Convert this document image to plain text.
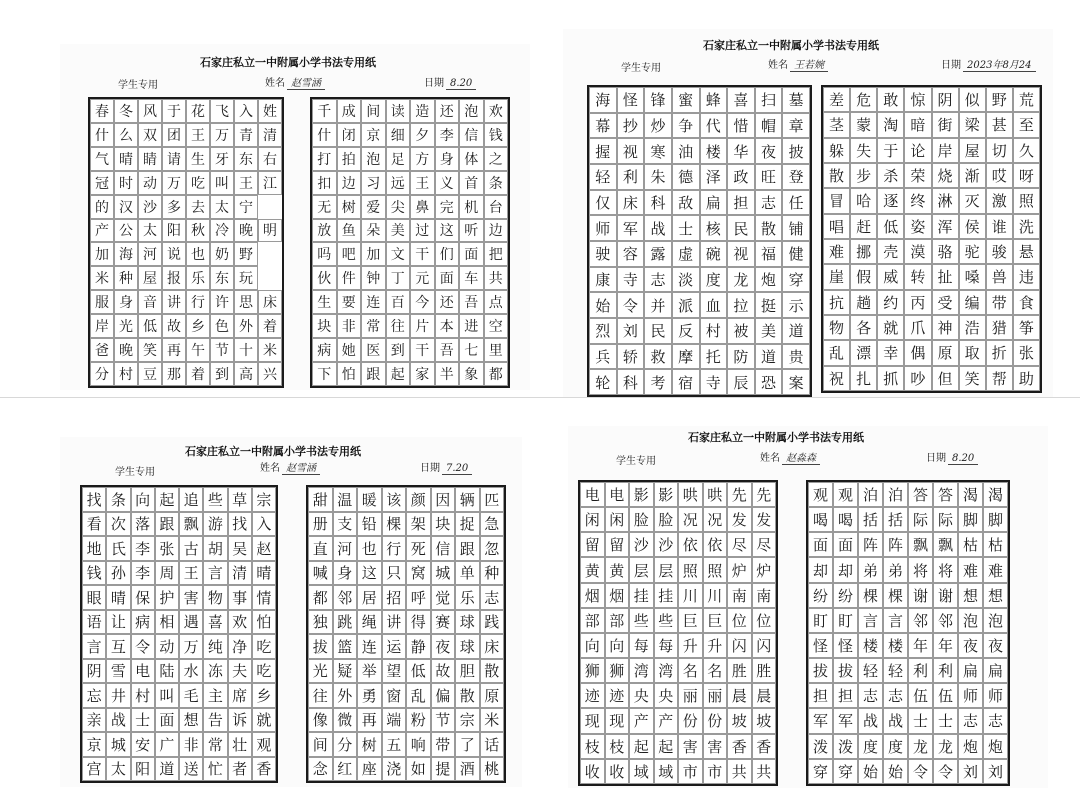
石家庄私立一中附属小学书法专用纸
学生专用	姓名 赵雪涵	日期 8.20
春 冬 风 于 花 飞 入 姓
什 么 双 团 王 万 青 清
气 晴 睛 请 生 牙 东 右
冠 时 动 万 吃 叫 王 江
的 汉 沙 多 去 太 宁
产 公 太 阳 秋 冷 晚 明
加 海 河 说 也 奶 野
米 种 屋 报 乐 东 玩
服 身 音 讲 行 许 思 床
岸 光 低 故 乡 色 外 着
爸 晚 笑 再 午 节 十 米
分 村 豆 那 着 到 高 兴
千 成 间 读 造 还 泡 欢
什 闭 京 细 夕 李 信 钱
打 拍 泡 足 方 身 体 之
扣 边 习 远 王 义 首 条
无 树 爱 尖 鼻 完 机 台
放 鱼 朵 美 过 这 听 边
吗 吧 加 文 干 们 面 把
伙 件 钟 丁 元 面 车 共
生 要 连 百 今 还 吾 点
块 非 常 往 片 本 进 空
病 她 医 到 干 吾 七 里
下 怕 跟 起 家 半 象 都
石家庄私立一中附属小学书法专用纸
学生专用	姓名 王若婉	日期 2023年8月24
海 怪 锋 蜜 蜂 喜 扫 墓
幕 抄 炒 争 代 惜 帽 章
握 视 寒 油 楼 华 夜 披
轻 利 朱 德 泽 政 旺 登
仅 床 科 敌 扁 担 志 任
师 军 战 士 核 民 散 铺
驶 容 露 虚 碗 视 福 健
康 寺 志 淡 度 龙 炮 穿
始 令 并 派 血 拉 挺 示
烈 刘 民 反 村 被 美 道
兵 轿 救 摩 托 防 道 贵
轮 科 考 宿 寺 辰 恐 案
差 危 敢 惊 阴 似 野 荒
茎 蒙 淘 暗 街 梁 甚 至
躲 失 于 论 岸 屋 切 久
散 步 杀 荣 烧 渐 哎 呀
冒 哈 逐 终 淋 灭 激 照
唱 赶 低 姿 浑 侯 谁 洗
难 挪 壳 漠 骆 驼 骏 悬
崖 假 威 转 扯 嗓 兽 违
抗 趟 约 丙 受 编 带 食
物 各 就 爪 神 浩 猎 筝
乱 漂 幸 偶 原 取 折 张
祝 扎 抓 吵 但 笑 帮 助
石家庄私立一中附属小学书法专用纸
学生专用	姓名 赵雪涵	日期 7.20
找 条 向 起 追 些 草 宗
看 次 落 跟 飘 游 找 入
地 氏 李 张 古 胡 吴 赵
钱 孙 李 周 王 言 清 晴
眼 晴 保 护 害 物 事 情
语 让 病 相 遇 喜 欢 怕
言 互 令 动 万 纯 净 吃
阴 雪 电 陆 水 冻 夫 吃
忘 井 村 叫 毛 主 席 乡
亲 战 士 面 想 告 诉 就
京 城 安 广 非 常 壮 观
宫 太 阳 道 送 忙 者 香
甜 温 暖 该 颜 因 辆 匹
册 支 铅 棵 架 块 捉 急
直 河 也 行 死 信 跟 忽
喊 身 这 只 窝 城 单 种
都 邻 居 招 呼 觉 乐 志
独 跳 绳 讲 得 赛 球 践
拔 篮 连 运 静 夜 球 床
光 疑 举 望 低 故 胆 散
往 外 勇 窗 乱 偏 散 原
像 微 再 端 粉 节 宗 米
间 分 树 五 响 带 了 话
念 红 座 浇 如 提 酒 桃
石家庄私立一中附属小学书法专用纸
学生专用	姓名 赵淼森	日期 8.20
电 电 影 影 哄 哄 先 先
闲 闲 脸 脸 况 况 发 发
留 留 沙 沙 依 依 尽 尽
黄 黄 层 层 照 照 炉 炉
烟 烟 挂 挂 川 川 南 南
部 部 些 些 巨 巨 位 位
向 向 每 每 升 升 闪 闪
狮 狮 湾 湾 名 名 胜 胜
迹 迹 央 央 丽 丽 晨 晨
现 现 产 产 份 份 坡 坡
枝 枝 起 起 害 害 香 香
收 收 域 域 市 市 共 共
观 观 泊 泊 答 答 渴 渴
喝 喝 括 括 际 际 脚 脚
面 面 阵 阵 飘 飘 枯 枯
却 却 弟 弟 将 将 难 难
纷 纷 棵 棵 谢 谢 想 想
盯 盯 言 言 邻 邻 泡 泡
怪 怪 楼 楼 年 年 夜 夜
拔 拔 轻 轻 利 利 扁 扁
担 担 志 志 伍 伍 师 师
军 军 战 战 士 士 志 志
泼 泼 度 度 龙 龙 炮 炮
穿 穿 始 始 令 令 刘 刘
